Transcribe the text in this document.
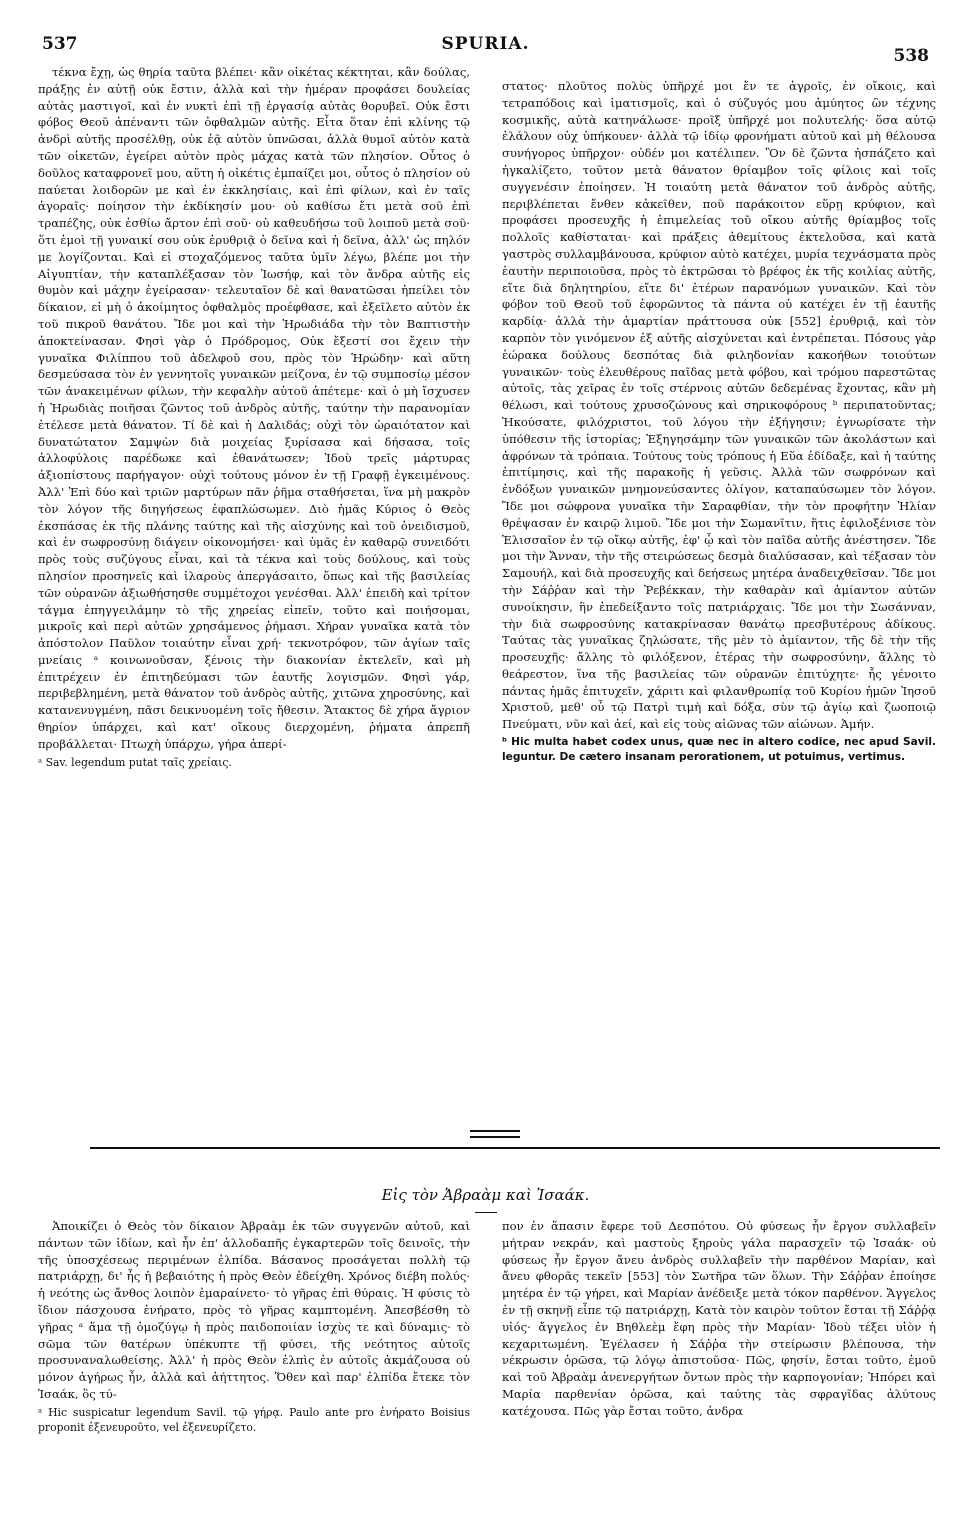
537	SPURIA.
538

τέκνα ἔχῃ, ὡς θηρία ταῦτα βλέπει· κἂν οἰκέτας κέκτηται, κἂν δούλας, πράξῃς ἐν αὐτῇ οὐκ ἔστιν, ἀλλὰ καὶ τὴν ἡμέραν προφάσει δουλείας αὐτὰς μαστιγοῖ, καὶ ἐν νυκτὶ ἐπὶ τῇ ἐργασίᾳ αὐτὰς θορυβεῖ. Οὐκ ἔστι φόβος Θεοῦ ἀπέναντι τῶν ὀφθαλμῶν αὐτῆς. Εἶτα ὅταν ἐπὶ κλίνης τῷ ἀνδρὶ αὐτῆς προσέλθῃ, οὐκ ἐᾷ αὐτὸν ὑπνῶσαι, ἀλλὰ θυμοῖ αὐτὸν κατὰ τῶν οἰκετῶν, ἐγείρει αὐτὸν πρὸς μάχας κατὰ τῶν πλησίον. Οὗτος ὁ δοῦλος καταφρονεῖ μου, αὕτη ἡ οἰκέτις ἐμπαίζει μοι, οὗτος ὁ πλησίον οὐ παύεται λοιδορῶν με καὶ ἐν ἐκκλησίαις, καὶ ἐπὶ φίλων, καὶ ἐν ταῖς ἀγοραῖς· ποίησον τὴν ἐκδίκησίν μου· οὐ καθίσω ἔτι μετὰ σοῦ ἐπὶ τραπέζης, οὐκ ἐσθίω ἄρτον ἐπὶ σοῦ· οὐ καθευδήσω τοῦ λοιποῦ μετὰ σοῦ· ὅτι ἐμοὶ τῇ γυναικί σου οὐκ ἐρυθριᾷ ὁ δεῖνα καὶ ἡ δεῖνα, ἀλλ' ὡς πηλόν με λογίζονται. Καὶ εἰ στοχαζόμενος ταῦτα ὑμῖν λέγω, βλέπε μοι τὴν Αἰγυπτίαν, τὴν καταπλέξασαν τὸν Ἰωσήφ, καὶ τὸν ἄνδρα αὐτῆς εἰς θυμὸν καὶ μάχην ἐγείρασαν· τελευταῖον δὲ καὶ θανατῶσαι ἠπείλει τὸν δίκαιον, εἰ μὴ ὁ ἀκοίμητος ὀφθαλμὸς προέφθασε, καὶ ἐξεῖλετο αὐτὸν ἐκ τοῦ πικροῦ θανάτου. Ἴδε μοι καὶ τὴν Ἡρωδιάδα τὴν τὸν Βαπτιστὴν ἀποκτείνασαν. Φησὶ γὰρ ὁ Πρόδρομος, Οὐκ ἔξεστί σοι ἔχειν τὴν γυναῖκα Φιλίππου τοῦ ἀδελφοῦ σου, πρὸς τὸν Ἡρώδην· καὶ αὕτη δεσμεύσασα τὸν ἐν γεννητοῖς γυναικῶν μείζονα, ἐν τῷ συμποσίῳ μέσον τῶν ἀνακειμένων φίλων, τὴν κεφαλὴν αὐτοῦ ἀπέτεμε· καὶ ὁ μὴ ἴσχυσεν ἡ Ἡρωδιὰς ποιῆσαι ζῶντος τοῦ ἀνδρὸς αὐτῆς, ταύτην τὴν παρανομίαν ἐτέλεσε μετὰ θάνατον. Τί δὲ καὶ ἡ Δαλιδάς; οὐχὶ τὸν ὡραιότατον καὶ δυνατώτατον Σαμψὼν διὰ μοιχείας ξυρίσασα καὶ δήσασα, τοῖς ἀλλοφύλοις παρέδωκε καὶ ἐθανάτωσεν; Ἰδοὺ τρεῖς μάρτυρας ἀξιοπίστους παρήγαγον· οὐχὶ τούτους μόνον ἐν τῇ Γραφῇ ἐγκειμένους. Ἀλλ' Ἐπὶ δύο καὶ τριῶν μαρτύρων πᾶν ῥῆμα σταθήσεται, ἵνα μὴ μακρὸν τὸν λόγον τῆς διηγήσεως ἐφαπλώσωμεν. Διὸ ἡμᾶς Κύριος ὁ Θεὸς ἐκσπάσας ἐκ τῆς πλάνης ταύτης καὶ τῆς αἰσχύνης καὶ τοῦ ὀνειδισμοῦ, καὶ ἐν σωφροσύνῃ διάγειν οἰκονομήσει· καὶ ὑμᾶς ἐν καθαρῷ συνειδότι πρὸς τοὺς συζύγους εἶναι, καὶ τὰ τέκνα καὶ τοὺς δούλους, καὶ τοὺς πλησίον προσηνεῖς καὶ ἱλαροὺς ἀπεργάσαιτο, ὅπως καὶ τῆς βασιλείας τῶν οὐρανῶν ἀξιωθήσησθε συμμέτοχοι γενέσθαι. Ἀλλ' ἐπειδὴ καὶ τρίτον τάγμα ἐπηγγειλάμην τὸ τῆς χηρείας εἰπεῖν, τοῦτο καὶ ποιήσομαι, μικροῖς καὶ περὶ αὐτῶν χρησάμενος ῥήμασι. Χήραν γυναῖκα κατὰ τὸν ἀπόστολον Παῦλον τοιαύτην εἶναι χρή· τεκνοτρόφον, τῶν ἁγίων ταῖς μνείαις ᵃ κοινωνοῦσαν, ξένοις τὴν διακονίαν ἐκτελεῖν, καὶ μὴ ἐπιτρέχειν ἐν ἐπιτηδεύμασι τῶν ἑαυτῆς λογισμῶν. Φησὶ γάρ, περιβεβλημένη, μετὰ θάνατον τοῦ ἀνδρὸς αὐτῆς, χιτῶνα χηροσύνης, καὶ κατανενυγμένη, πᾶσι δεικνυομένη τοῖς ἤθεσιν. Ἄτακτος δὲ χήρα ἄγριον θηρίον ὑπάρχει, καὶ κατ' οἴκους διερχομένη, ῥήματα ἀπρεπῆ προβάλλεται· Πτωχὴ ὑπάρχω, γήρα ἀπερί-

ᵃ Sav. legendum putat ταῖς χρείαις.

στατος· πλοῦτος πολὺς ὑπῆρχέ μοι ἔν τε ἀγροῖς, ἐν οἴκοις, καὶ τετραπόδοις καὶ ἱματισμοῖς, καὶ ὁ σύζυγός μου ἀμύητος ὢν τέχνης κοσμικῆς, αὐτὰ κατηνάλωσε· προῖξ ὑπῆρχέ μοι πολυτελής· ὅσα αὐτῷ ἐλάλουν οὐχ ὑπήκουεν· ἀλλὰ τῷ ἰδίῳ φρονήματι αὐτοῦ καὶ μὴ θέλουσα συνήγορος ὑπῆρχον· οὐδέν μοι κατέλιπεν. Ὃν δὲ ζῶντα ἠσπάζετο καὶ ἠγκαλίζετο, τοῦτον μετὰ θάνατον θρίαμβον τοῖς φίλοις καὶ τοῖς συγγενέσιν ἐποίησεν. Ἡ τοιαύτη μετὰ θάνατον τοῦ ἀνδρὸς αὐτῆς, περιβλέπεται ἔνθεν κἀκεῖθεν, ποῦ παράκοιτον εὕρῃ κρύφιον, καὶ προφάσει προσευχῆς ἡ ἐπιμελείας τοῦ οἴκου αὐτῆς θρίαμβος τοῖς πολλοῖς καθίσταται· καὶ πράξεις ἀθεμίτους ἐκτελοῦσα, καὶ κατὰ γαστρὸς συλλαμβάνουσα, κρύφιον αὐτὸ κατέχει, μυρία τεχνάσματα πρὸς ἑαυτὴν περιποιοῦσα, πρὸς τὸ ἐκτρῶσαι τὸ βρέφος ἐκ τῆς κοιλίας αὐτῆς, εἴτε διὰ δηλητηρίου, εἴτε δι' ἑτέρων παρανόμων γυναικῶν. Καὶ τὸν φόβον τοῦ Θεοῦ τοῦ ἐφορῶντος τὰ πάντα οὐ κατέχει ἐν τῇ ἑαυτῆς καρδίᾳ· ἀλλὰ τὴν ἁμαρτίαν πράττουσα οὐκ [552] ἐρυθριᾷ, καὶ τὸν καρπὸν τὸν γινόμενον ἐξ αὐτῆς αἰσχύνεται καὶ ἐντρέπεται. Πόσους γὰρ ἑώρακα δούλους δεσπότας διὰ φιληδονίαν κακοήθων τοιούτων γυναικῶν· τοὺς ἐλευθέρους παῖδας μετὰ φόβου, καὶ τρόμου παρεστῶτας αὐτοῖς, τὰς χεῖρας ἐν τοῖς στέρνοις αὐτῶν δεδεμένας ἔχοντας, κἂν μὴ θέλωσι, καὶ τούτους χρυσοζώνους καὶ σηρικοφόρους ᵇ περιπατοῦντας; Ἠκούσατε, φιλόχριστοι, τοῦ λόγου τὴν ἐξήγησιν; ἐγνωρίσατε τὴν ὑπόθεσιν τῆς ἱστορίας; Ἐξηγησάμην τῶν γυναικῶν τῶν ἀκολάστων καὶ ἀφρόνων τὰ τρόπαια. Τούτους τοὺς τρόπους ἡ Εὕα ἐδίδαξε, καὶ ἡ ταύτης ἐπιτίμησις, καὶ τῆς παρακοῆς ἡ γεῦσις. Ἀλλὰ τῶν σωφρόνων καὶ ἐνδόξων γυναικῶν μνημονεύσαντες ὀλίγον, καταπαύσωμεν τὸν λόγον. Ἴδε μοι σώφρονα γυναῖκα τὴν Σαραφθίαν, τὴν τὸν προφήτην Ἠλίαν θρέψασαν ἐν καιρῷ λιμοῦ. Ἴδε μοι τὴν Σωμανῖτιν, ἥτις ἐφιλοξένισε τὸν Ἐλισσαῖον ἐν τῷ οἴκῳ αὐτῆς, ἐφ' ᾧ καὶ τὸν παῖδα αὐτῆς ἀνέστησεν. Ἴδε μοι τὴν Ἄνναν, τὴν τῆς στειρώσεως δεσμὰ διαλύσασαν, καὶ τέξασαν τὸν Σαμουήλ, καὶ διὰ προσευχῆς καὶ δεήσεως μητέρα ἀναδειχθεῖσαν. Ἴδε μοι τὴν Σάῤῥαν καὶ τὴν Ῥεβέκκαν, τὴν καθαρὰν καὶ ἀμίαντον αὐτῶν συνοίκησιν, ἣν ἐπεδείξαντο τοῖς πατριάρχαις. Ἴδε μοι τὴν Σωσάνναν, τὴν διὰ σωφροσύνης κατακρίνασαν θανάτῳ πρεσβυτέρους ἀδίκους. Ταύτας τὰς γυναῖκας ζηλώσατε, τῆς μὲν τὸ ἀμίαντον, τῆς δὲ τὴν τῆς προσευχῆς· ἄλλης τὸ φιλόξενον, ἑτέρας τὴν σωφροσύνην, ἄλλης τὸ θεάρεστον, ἵνα τῆς βασιλείας τῶν οὐρανῶν ἐπιτύχητε· ἧς γένοιτο πάντας ἡμᾶς ἐπιτυχεῖν, χάριτι καὶ φιλανθρωπίᾳ τοῦ Κυρίου ἡμῶν Ἰησοῦ Χριστοῦ, μεθ' οὗ τῷ Πατρὶ τιμὴ καὶ δόξα, σὺν τῷ ἁγίῳ καὶ ζωοποιῷ Πνεύματι, νῦν καὶ ἀεί, καὶ εἰς τοὺς αἰῶνας τῶν αἰώνων. Ἀμήν.

ᵇ Hic multa habet codex unus, quæ nec in altero codice, nec apud Savil. leguntur. De cætero insanam perorationem, ut potuimus, vertimus.
Εἰς τὸν Ἀβραὰμ καὶ Ἰσαάκ.

Ἀποικίζει ὁ Θεὸς τὸν δίκαιον Ἀβραὰμ ἐκ τῶν συγγενῶν αὐτοῦ, καὶ πάντων τῶν ἰδίων, καὶ ἦν ἐπ' ἀλλοδαπῆς ἐγκαρτερῶν τοῖς δεινοῖς, τὴν τῆς ὑποσχέσεως περιμένων ἐλπίδα. Βάσανος προσάγεται πολλὴ τῷ πατριάρχῃ, δι' ἧς ἡ βεβαιότης ἡ πρὸς Θεὸν ἐδείχθη. Χρόνος διέβη πολύς· ἡ νεότης ὡς ἄνθος λοιπὸν ἐμαραίνετο· τὸ γῆρας ἐπὶ θύραις. Ἡ φύσις τὸ ἴδιον πάσχουσα ἐνήρατο, πρὸς τὸ γῆρας καμπτομένη. Ἀπεσβέσθη τὸ γῆρας ᵃ ἅμα τῇ ὁμοζύγῳ ἡ πρὸς παιδοποιίαν ἰσχὺς τε καὶ δύναμις· τὸ σῶμα τῶν θατέρων ὑπέκυπτε τῇ φύσει, τῆς νεότητος αὐτοῖς προσυναναλωθείσης. Ἀλλ' ἡ πρὸς Θεὸν ἐλπὶς ἐν αὐτοῖς ἀκμάζουσα οὐ μόνον ἀγήρως ἦν, ἀλλὰ καὶ ἀήττητος. Ὅθεν καὶ παρ' ἐλπίδα ἔτεκε τὸν Ἰσαάκ, ὃς τύ-

ᵃ Hic suspicatur legendum Savil. τῷ γήρᾳ. Paulo ante pro ἐνήρατο Boisius proponit ἐξενευροῦτο, vel ἐξενευρίζετο.

πον ἐν ἅπασιν ἔφερε τοῦ Δεσπότου. Οὐ φύσεως ἦν ἔργον συλλαβεῖν μήτραν νεκράν, καὶ μαστοὺς ξηροὺς γάλα παρασχεῖν τῷ Ἰσαάκ· οὐ φύσεως ἦν ἔργον ἄνευ ἀνδρὸς συλλαβεῖν τὴν παρθένον Μαρίαν, καὶ ἄνευ φθορᾶς τεκεῖν [553] τὸν Σωτῆρα τῶν ὅλων. Τὴν Σάῤῥαν ἐποίησε μητέρα ἐν τῷ γήρει, καὶ Μαρίαν ἀνέδειξε μετὰ τόκον παρθένον. Ἄγγελος ἐν τῇ σκηνῇ εἶπε τῷ πατριάρχῃ, Κατὰ τὸν καιρὸν τοῦτον ἔσται τῇ Σάῤῥᾳ υἱός· ἄγγελος ἐν Βηθλεὲμ ἔφη πρὸς τὴν Μαρίαν· Ἰδοὺ τέξει υἱὸν ἡ κεχαριτωμένη. Ἐγέλασεν ἡ Σάῤῥα τὴν στείρωσιν βλέπουσα, τὴν νέκρωσιν ὁρῶσα, τῷ λόγῳ ἀπιστοῦσα· Πῶς, φησίν, ἔσται τοῦτο, ἐμοῦ καὶ τοῦ Ἀβραὰμ ἀνενεργήτων ὄντων πρὸς τὴν καρπογονίαν; Ἠπόρει καὶ Μαρία παρθενίαν ὁρῶσα, καὶ ταύτης τὰς σφραγῖδας ἀλύτους κατέχουσα. Πῶς γὰρ ἔσται τοῦτο, ἀνδρα
